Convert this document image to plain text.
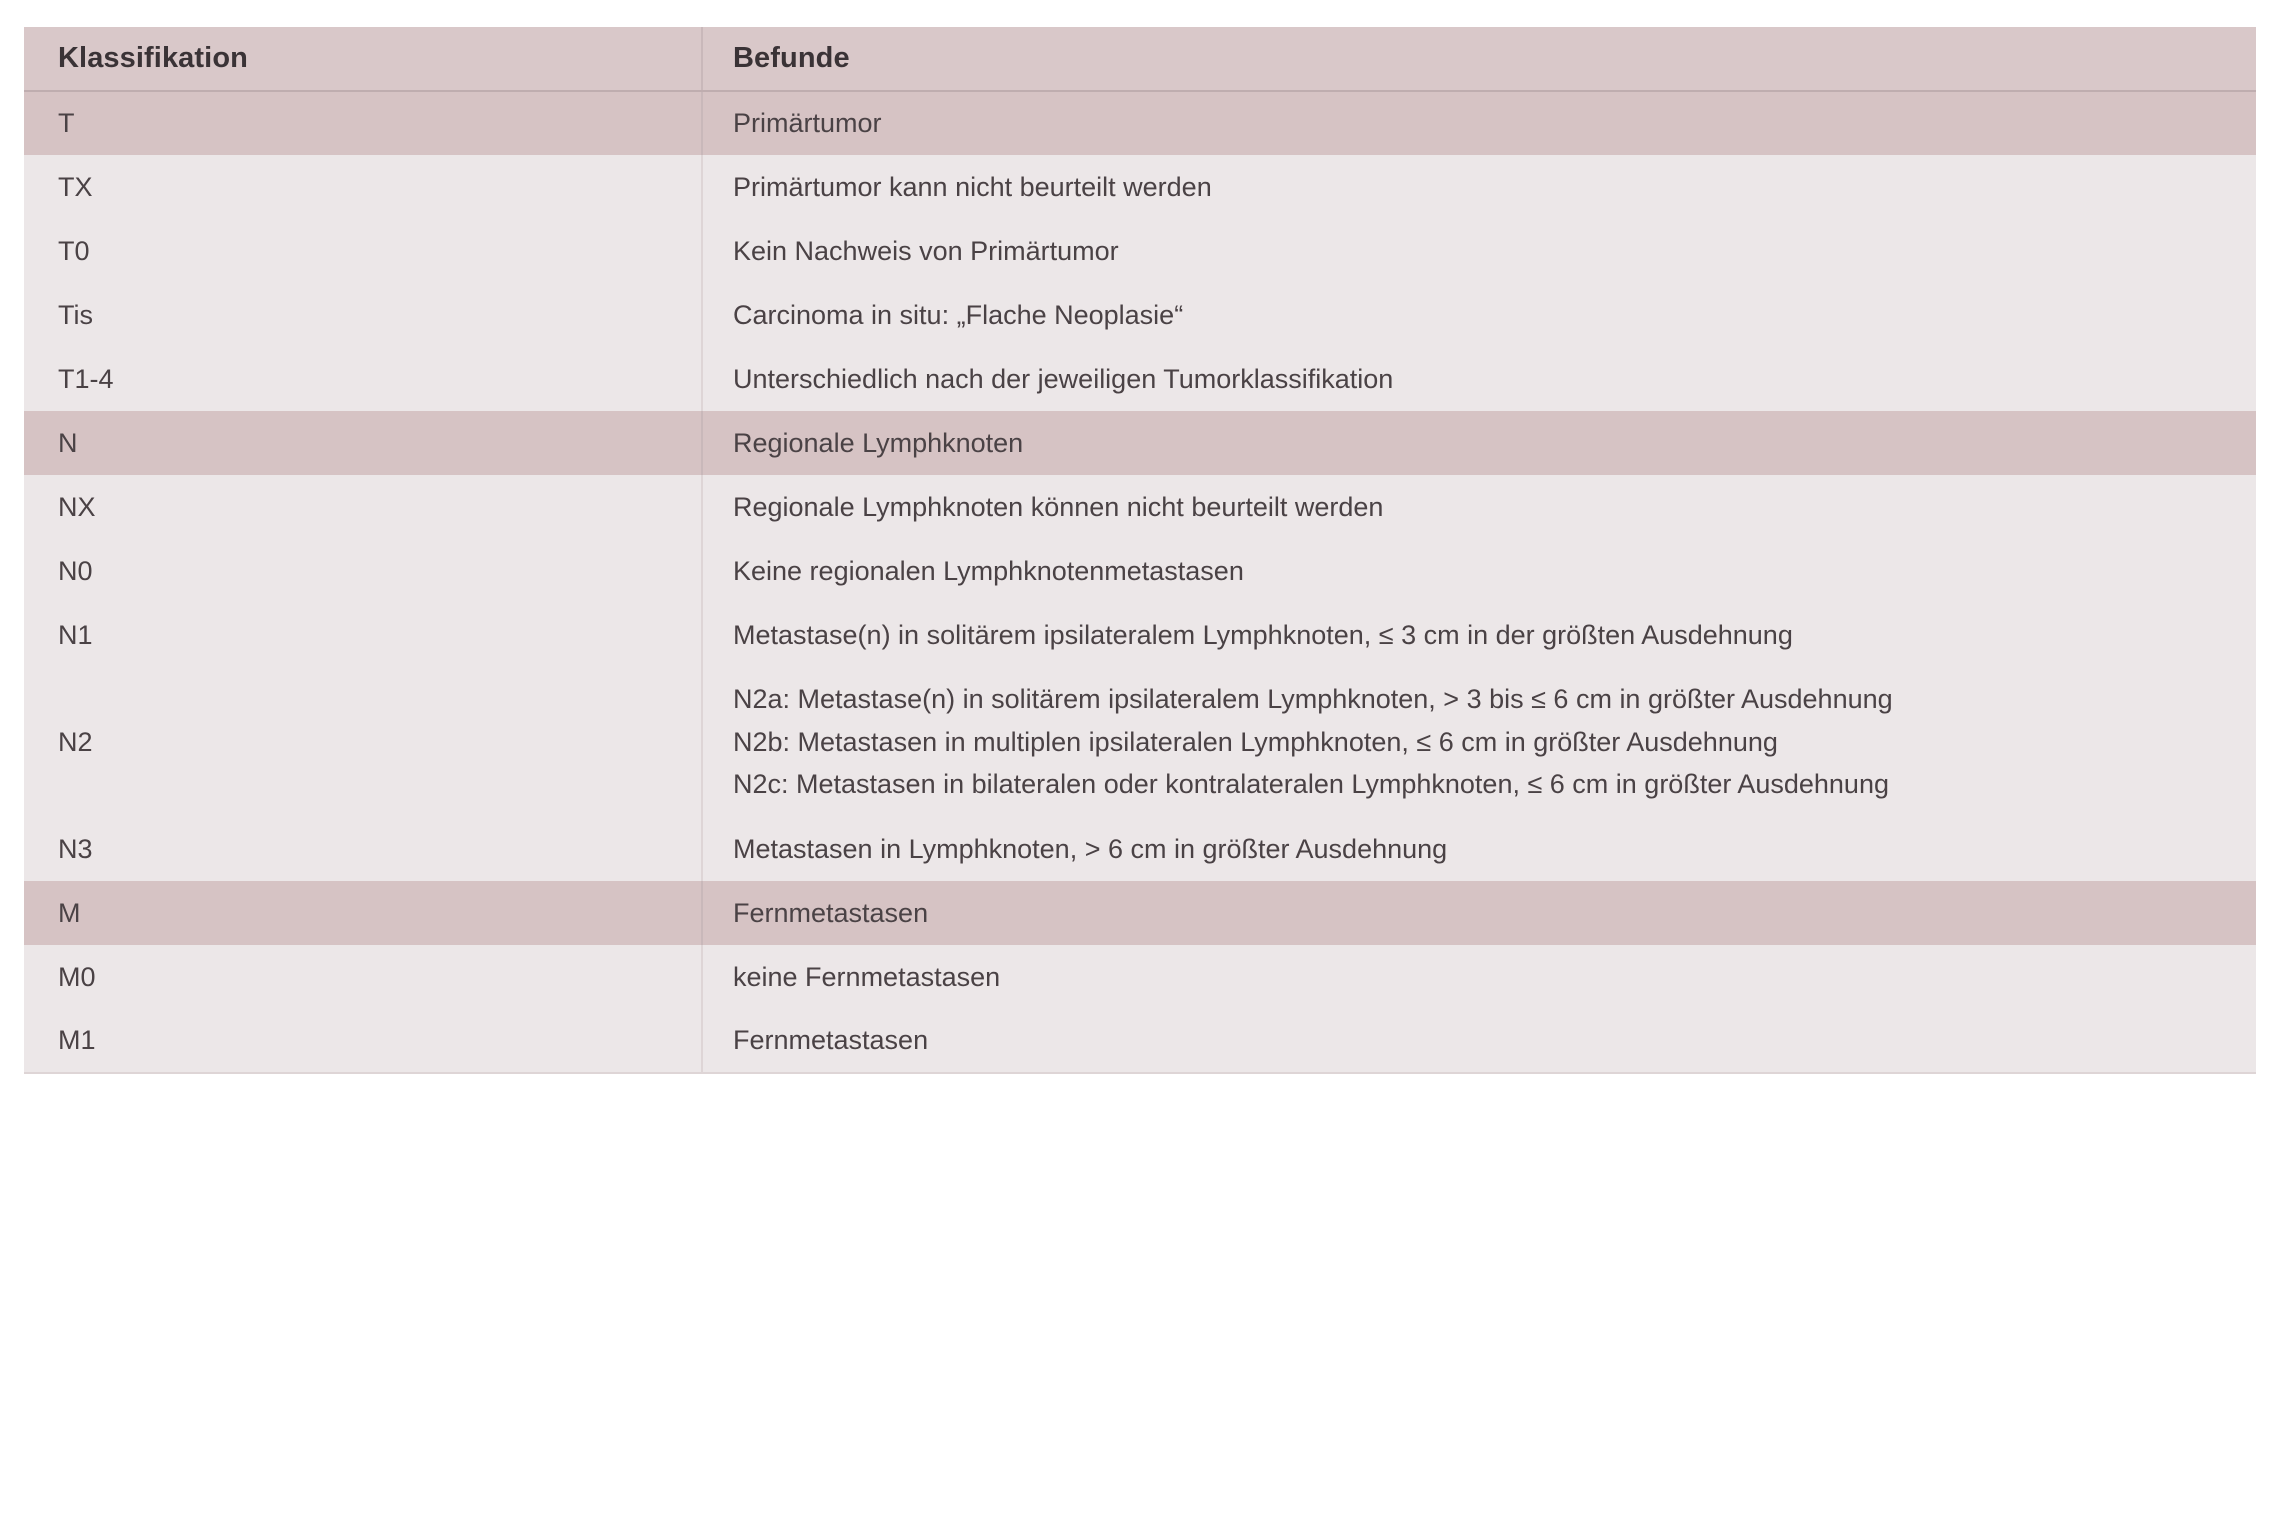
Klassifikation	Befunde

T	Primärtumor

TX	Primärtumor kann nicht beurteilt werden

T0	Kein Nachweis von Primärtumor

Tis	Carcinoma in situ: „Flache Neoplasie“

T1-4	Unterschiedlich nach der jeweiligen Tumorklassifikation

N	Regionale Lymphknoten

NX	Regionale Lymphknoten können nicht beurteilt werden

N0	Keine regionalen Lymphknotenmetastasen

N1	Metastase(n) in solitärem ipsilateralem Lymphknoten, ≤ 3 cm in der größten Ausdehnung

N2	N2a: Metastase(n) in solitärem ipsilateralem Lymphknoten, > 3 bis ≤ 6 cm in größter Ausdehnung
N2b: Metastasen in multiplen ipsilateralen Lymphknoten, ≤ 6 cm in größter Ausdehnung
N2c: Metastasen in bilateralen oder kontralateralen Lymphknoten, ≤ 6 cm in größter Ausdehnung

N3	Metastasen in Lymphknoten, > 6 cm in größter Ausdehnung

M	Fernmetastasen

M0	keine Fernmetastasen

M1	Fernmetastasen
